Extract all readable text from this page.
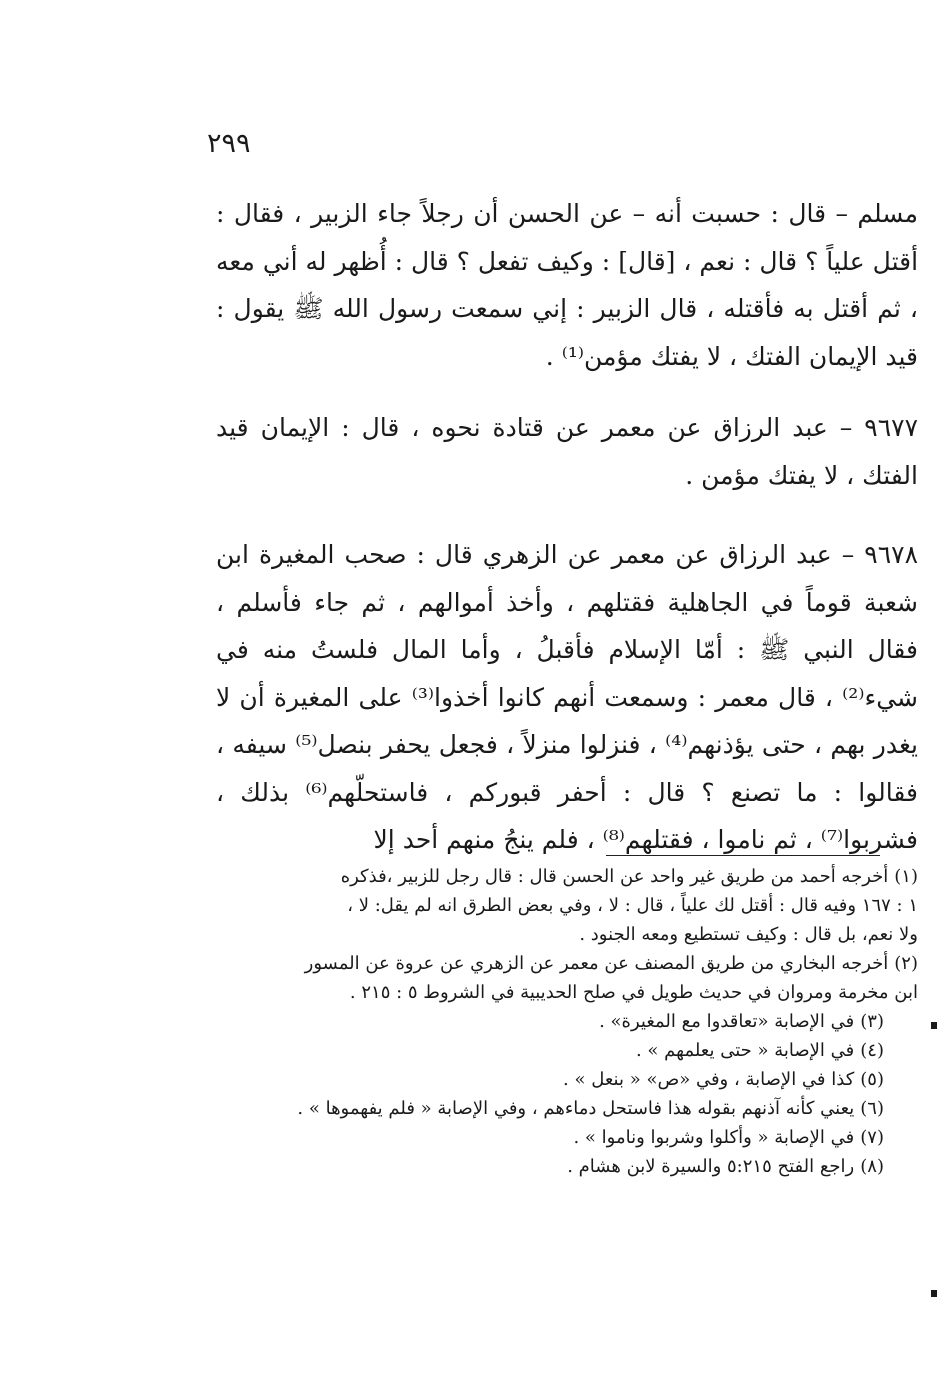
٢٩٩

مسلم – قال : حسبت أنه – عن الحسن أن رجلاً جاء الزبير ، فقال : أقتل علياً ؟ قال : نعم ، [قال] : وكيف تفعل ؟ قال : أُظهر له أني معه ، ثم أقتل به فأقتله ، قال الزبير : إني سمعت رسول الله ﷺ يقول : قيد الإيمان الفتك ، لا يفتك مؤمن⁽¹⁾ .

٩٦٧٧ – عبد الرزاق عن معمر عن قتادة نحوه ، قال : الإيمان قيد الفتك ، لا يفتك مؤمن .

٩٦٧٨ – عبد الرزاق عن معمر عن الزهري قال : صحب المغيرة ابن شعبة قوماً في الجاهلية فقتلهم ، وأخذ أموالهم ، ثم جاء فأسلم ، فقال النبي ﷺ : أمّا الإسلام فأقبلُ ، وأما المال فلستُ منه في شيء⁽²⁾ ، قال معمر : وسمعت أنهم كانوا أخذوا⁽³⁾ على المغيرة أن لا يغدر بهم ، حتى يؤذنهم⁽⁴⁾ ، فنزلوا منزلاً ، فجعل يحفر بنصل⁽⁵⁾ سيفه ، فقالوا : ما تصنع ؟ قال : أحفر قبوركم ، فاستحلّهم⁽⁶⁾ بذلك ، فشربوا⁽⁷⁾ ، ثم ناموا ، فقتلهم⁽⁸⁾ ، فلم ينجُ منهم أحد إلا

(١)أخرجه أحمد من طريق غير واحد عن الحسن قال : قال رجل للزبير ،فذكره
١ : ١٦٧ وفيه قال : أقتل لك علياً ، قال : لا ، وفي بعض الطرق انه لم يقل: لا ،
ولا نعم، بل قال : وكيف تستطيع ومعه الجنود .
(٢)أخرجه البخاري من طريق المصنف عن معمر عن الزهري عن عروة عن المسور
ابن مخرمة ومروان في حديث طويل في صلح الحديبية في الشروط ٥ : ٢١٥ .
(٣)في الإصابة «تعاقدوا مع المغيرة» .
(٤)في الإصابة « حتى يعلمهم » .
(٥)كذا في الإصابة ، وفي «ص» « بنعل » .
(٦)يعني كأنه آذنهم بقوله هذا فاستحل دماءهم ، وفي الإصابة « فلم يفهموها » .
(٧)في الإصابة « وأكلوا وشربوا وناموا » .
(٨)راجع الفتح ٥:٢١٥ والسيرة لابن هشام .
